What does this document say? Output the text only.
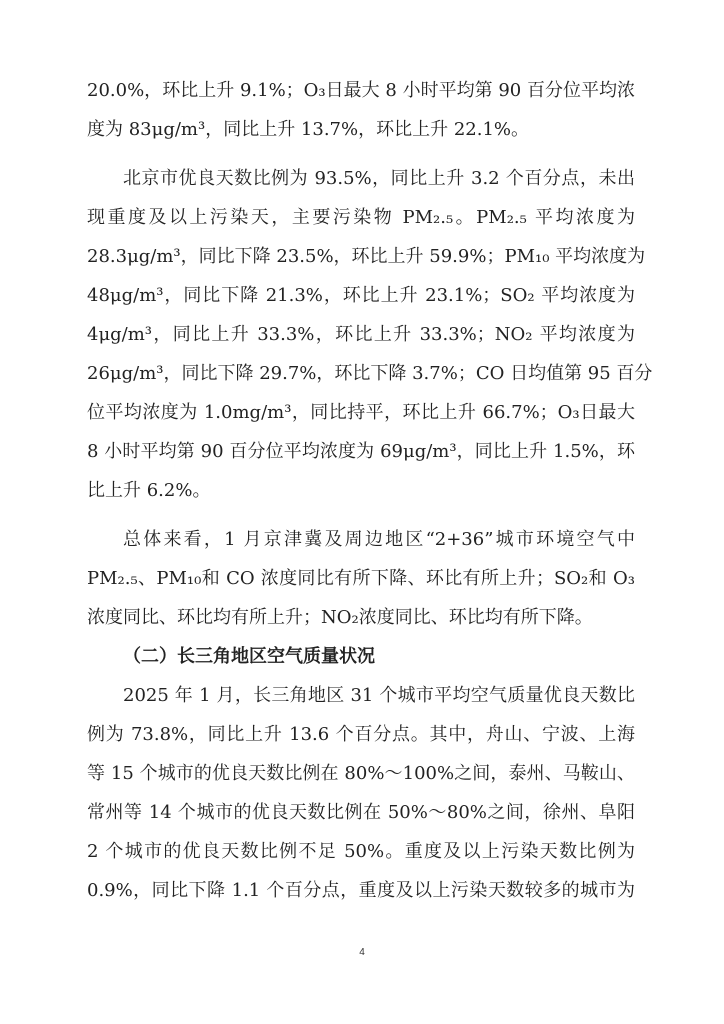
20.0%，环比上升 9.1%；O₃日最大 8 小时平均第 90 百分位平均浓
度为 83μg/m³，同比上升 13.7%，环比上升 22.1%。
北京市优良天数比例为 93.5%，同比上升 3.2 个百分点，未出
现重度及以上污染天，主要污染物 PM₂.₅。PM₂.₅ 平均浓度为
28.3μg/m³，同比下降 23.5%，环比上升 59.9%；PM₁₀ 平均浓度为
48μg/m³，同比下降 21.3%，环比上升 23.1%；SO₂ 平均浓度为
4μg/m³，同比上升 33.3%，环比上升 33.3%；NO₂ 平均浓度为
26μg/m³，同比下降 29.7%，环比下降 3.7%；CO 日均值第 95 百分
位平均浓度为 1.0mg/m³，同比持平，环比上升 66.7%；O₃日最大
8 小时平均第 90 百分位平均浓度为 69μg/m³，同比上升 1.5%，环
比上升 6.2%。
总体来看，1 月京津冀及周边地区“2+36”城市环境空气中
PM₂.₅、PM₁₀和 CO 浓度同比有所下降、环比有所上升；SO₂和 O₃
浓度同比、环比均有所上升；NO₂浓度同比、环比均有所下降。
（二）长三角地区空气质量状况
2025 年 1 月，长三角地区 31 个城市平均空气质量优良天数比
例为 73.8%，同比上升 13.6 个百分点。其中，舟山、宁波、上海
等 15 个城市的优良天数比例在 80%～100%之间，泰州、马鞍山、
常州等 14 个城市的优良天数比例在 50%～80%之间，徐州、阜阳
2 个城市的优良天数比例不足 50%。重度及以上污染天数比例为
0.9%，同比下降 1.1 个百分点，重度及以上污染天数较多的城市为
4
